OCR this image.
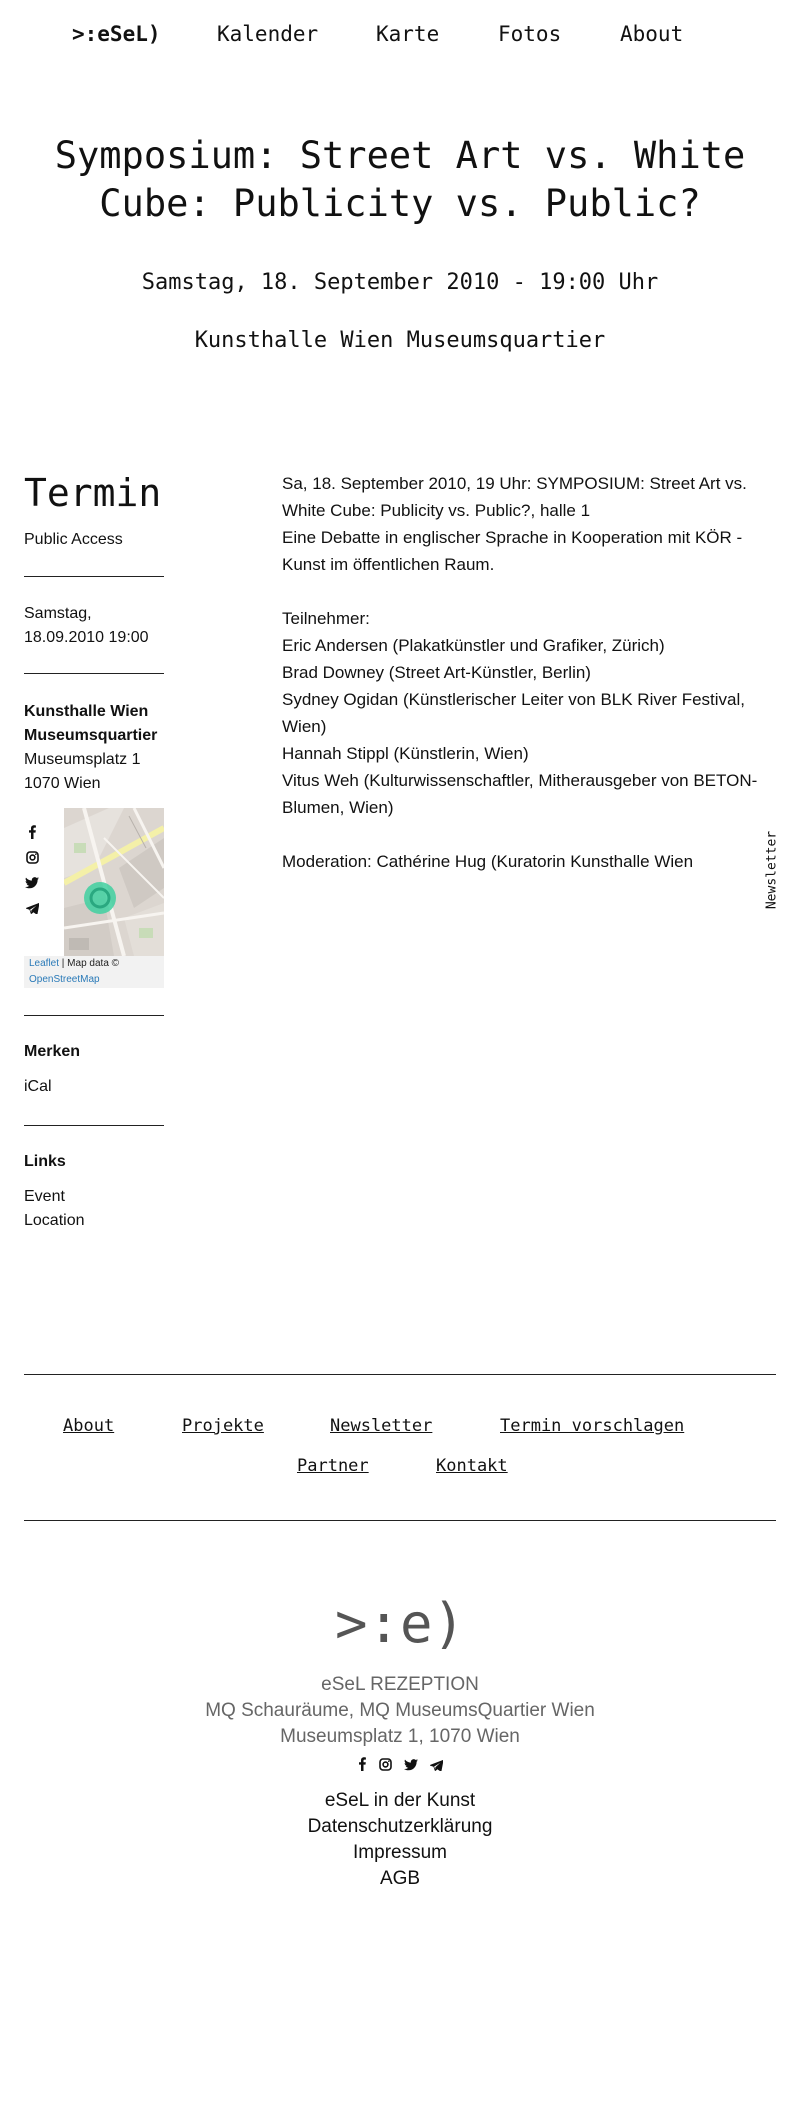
>:eSeL)	Kalender	Karte	Fotos	About
Symposium: Street Art vs. White Cube: Publicity vs. Public?
Samstag, 18. September 2010 - 19:00 Uhr
Kunsthalle Wien Museumsquartier
Termin
Public Access
Samstag,
18.09.2010 19:00
Kunsthalle Wien Museumsquartier
Museumsplatz 1
1070 Wien
Leaflet | Map data ©
OpenStreetMap
Merken
iCal
Links
Event
Location

Sa, 18. September 2010, 19 Uhr: SYMPOSIUM: Street Art vs. White Cube: Publicity vs. Public?, halle 1

Eine Debatte in englischer Sprache in Kooperation mit KÖR - Kunst im öffentlichen Raum.

Teilnehmer:

Eric Andersen (Plakatkünstler und Grafiker, Zürich)

Brad Downey (Street Art-Künstler, Berlin)

Sydney Ogidan (Künstlerischer Leiter von BLK River Festival, Wien)

Hannah Stippl (Künstlerin, Wien)

Vitus Weh (Kulturwissenschaftler, Mitherausgeber von BETON-Blumen, Wien)

Moderation: Cathérine Hug (Kuratorin Kunsthalle Wien	Newsletter
About	Projekte	Newsletter	Termin vorschlagen
Partner	Kontakt
>:e)
eSeL REZEPTION
MQ Schauräume, MQ MuseumsQuartier Wien
Museumsplatz 1, 1070 Wien

eSeL in der Kunst
Datenschutzerklärung
Impressum
AGB
